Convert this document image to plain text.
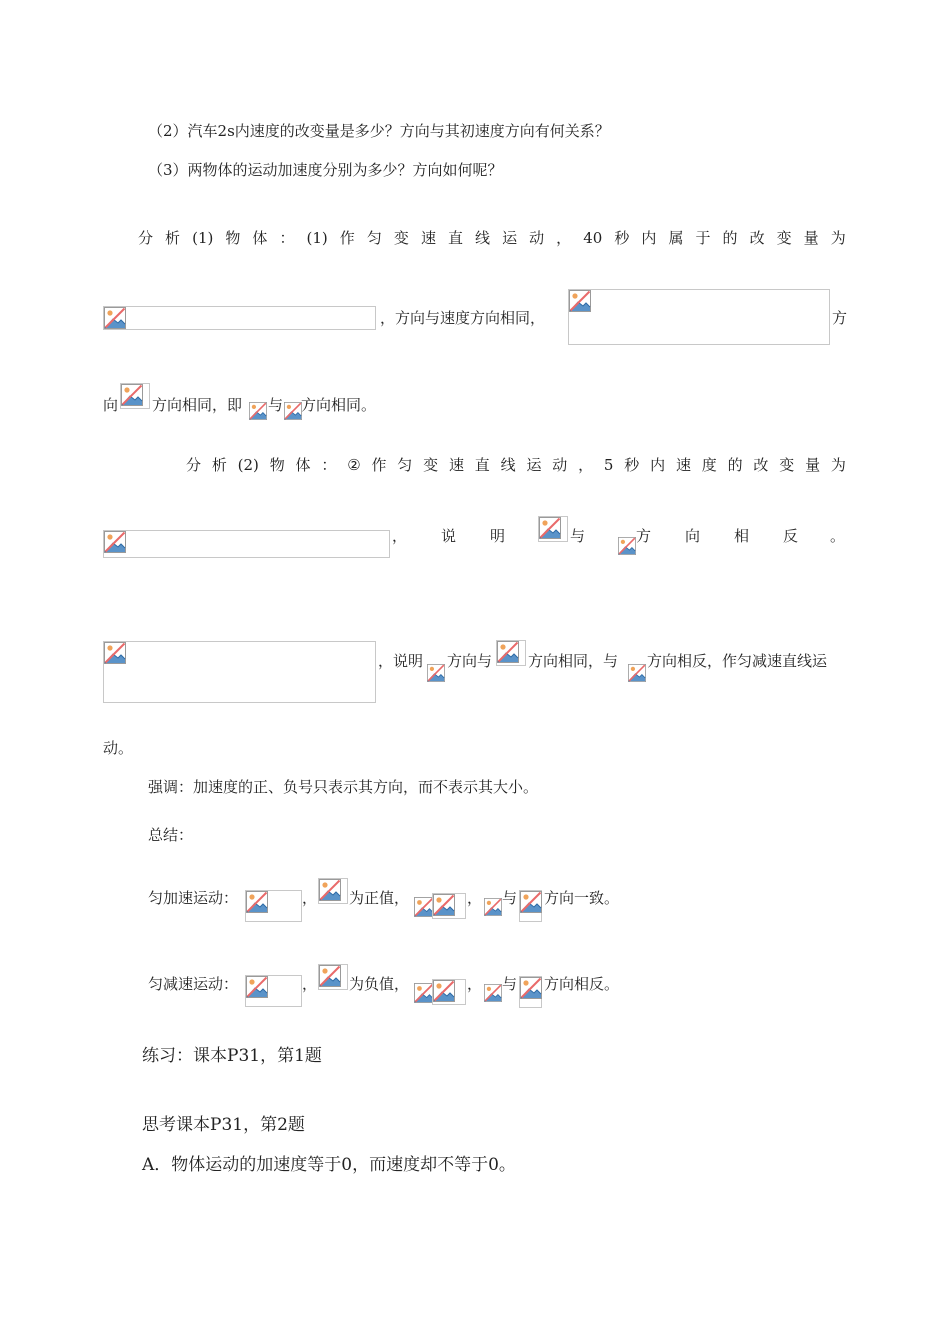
（2）汽车2s内速度的改变量是多少？方向与其初速度方向有何关系？
（3）两物体的运动加速度分别为多少？方向如何呢？
分 析 (1) 物 体 ： (1) 作 匀 变 速 直 线 运 动 ， 40 秒 内 属 于 的 改 变 量 为
，方向与速度方向相同，	方
向 方向相同，即 与 方向相同。
分 析 (2) 物 体 ： ② 作 匀 变 速 直 线 运 动 ， 5 秒 内 速 度 的 改 变 量 为
， 说 明	与	方 向 相 反 。
，说明 方向与 方向相同，与 方向相反，作匀减速直线运
动。
强调：加速度的正、负号只表示其方向，而不表示其大小。
总结：
匀加速运动：	， 为正值，	， 与 方向一致。
匀减速运动：	， 为负值，	， 与 方向相反。
练习：课本P31，第1题
思考课本P31，第2题
A．物体运动的加速度等于0，而速度却不等于0。
